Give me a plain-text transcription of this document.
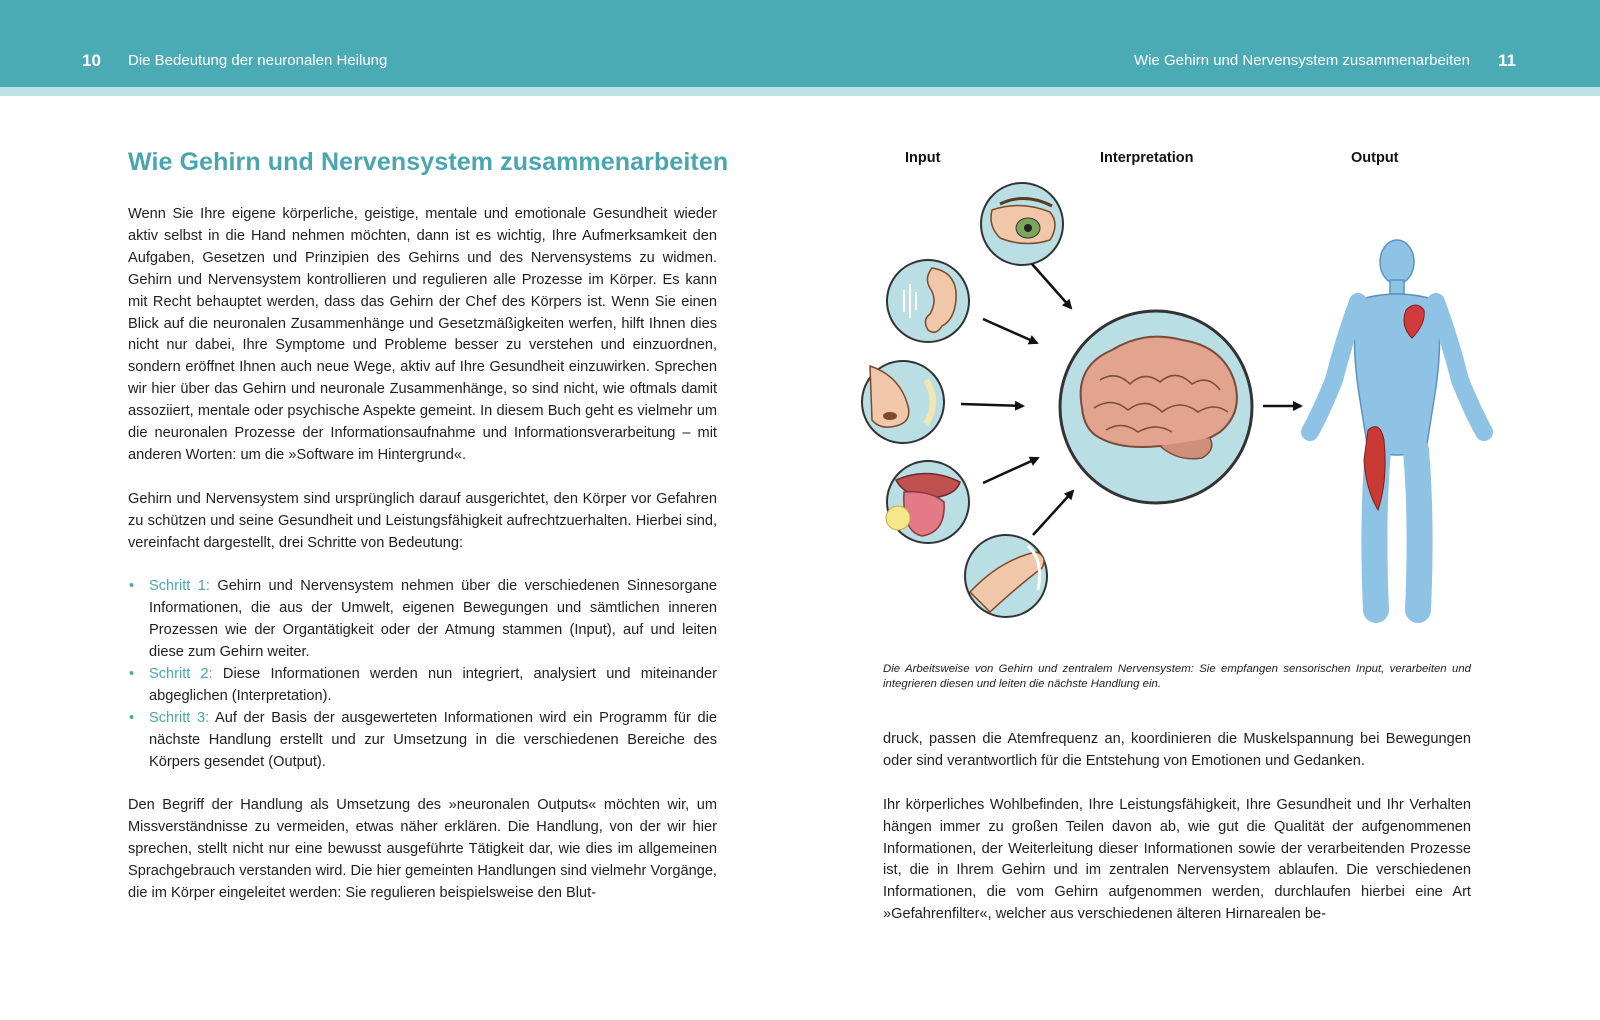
10 Die Bedeutung der neuronalen Heilung	Wie Gehirn und Nervensystem zusammenarbeiten 11
Wie Gehirn und Nervensystem zusammenarbeiten

Wenn Sie Ihre eigene körperliche, geistige, mentale und emotionale Gesundheit wieder aktiv selbst in die Hand nehmen möchten, dann ist es wichtig, Ihre Aufmerksamkeit den Aufgaben, Gesetzen und Prinzipien des Gehirns und des Nervensystems zu widmen. Gehirn und Nervensystem kontrollieren und regulieren alle Prozesse im Körper. Es kann mit Recht behauptet werden, dass das Gehirn der Chef des Körpers ist. Wenn Sie einen Blick auf die neuronalen Zusammenhänge und Gesetzmäßigkeiten werfen, hilft Ihnen dies nicht nur dabei, Ihre Symptome und Probleme besser zu verstehen und einzuordnen, sondern eröffnet Ihnen auch neue Wege, aktiv auf Ihre Gesundheit einzuwirken. Sprechen wir hier über das Gehirn und neuronale Zusammenhänge, so sind nicht, wie oftmals damit assoziiert, mentale oder psychische Aspekte gemeint. In diesem Buch geht es vielmehr um die neuronalen Prozesse der Informationsaufnahme und Informationsverarbeitung – mit anderen Worten: um die »Software im Hintergrund«.

Gehirn und Nervensystem sind ursprünglich darauf ausgerichtet, den Körper vor Gefahren zu schützen und seine Gesundheit und Leistungsfähigkeit aufrechtzuerhalten. Hierbei sind, vereinfacht dargestellt, drei Schritte von Bedeutung:

• Schritt 1: Gehirn und Nervensystem nehmen über die verschiedenen Sinnesorgane Informationen, die aus der Umwelt, eigenen Bewegungen und sämtlichen inneren Prozessen wie der Organtätigkeit oder der Atmung stammen (Input), auf und leiten diese zum Gehirn weiter.
• Schritt 2: Diese Informationen werden nun integriert, analysiert und miteinander abgeglichen (Interpretation).
• Schritt 3: Auf der Basis der ausgewerteten Informationen wird ein Programm für die nächste Handlung erstellt und zur Umsetzung in die verschiedenen Bereiche des Körpers gesendet (Output).

Den Begriff der Handlung als Umsetzung des »neuronalen Outputs« möchten wir, um Missverständnisse zu vermeiden, etwas näher erklären. Die Handlung, von der wir hier sprechen, stellt nicht nur eine bewusst ausgeführte Tätigkeit dar, wie dies im allgemeinen Sprachgebrauch verstanden wird. Die hier gemeinten Handlungen sind vielmehr Vorgänge, die im Körper eingeleitet werden: Sie regulieren beispielsweise den Blut-

Input	Interpretation	Output
Die Arbeitsweise von Gehirn und zentralem Nervensystem: Sie empfangen sensorischen Input, verarbeiten und integrieren diesen und leiten die nächste Handlung ein.

druck, passen die Atemfrequenz an, koordinieren die Muskelspannung bei Bewegungen oder sind verantwortlich für die Entstehung von Emotionen und Gedanken.

Ihr körperliches Wohlbefinden, Ihre Leistungsfähigkeit, Ihre Gesundheit und Ihr Verhalten hängen immer zu großen Teilen davon ab, wie gut die Qualität der aufgenommenen Informationen, der Weiterleitung dieser Informationen sowie der verarbeitenden Prozesse ist, die in Ihrem Gehirn und im zentralen Nervensystem ablaufen. Die verschiedenen Informationen, die vom Gehirn aufgenommen werden, durchlaufen hierbei eine Art »Gefahrenfilter«, welcher aus verschiedenen älteren Hirnarealen be-
